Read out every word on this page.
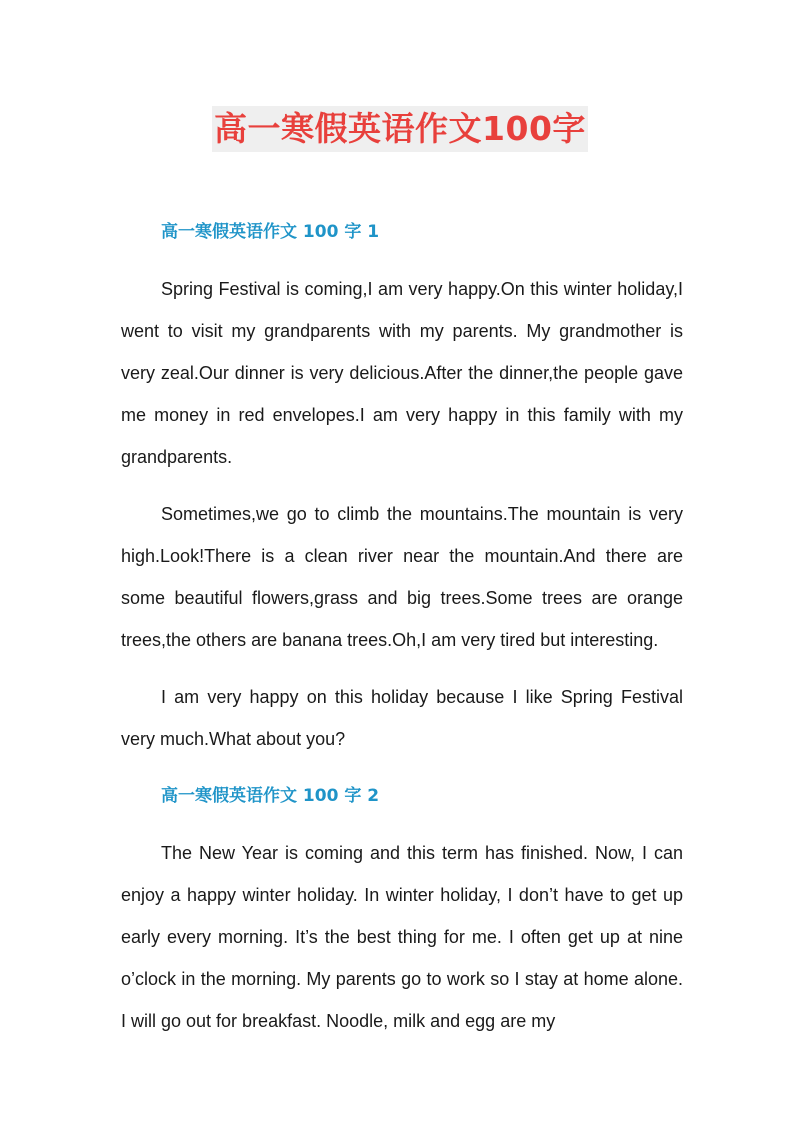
高一寒假英语作文100字
高一寒假英语作文 100 字 1

Spring Festival is coming,I am very happy.On this winter holiday,I went to visit my grandparents with my parents. My grandmother is very zeal.Our dinner is very delicious.After the dinner,the people gave me money in red envelopes.I am very happy in this family with my grandparents.

Sometimes,we go to climb the mountains.The mountain is very high.Look!There is a clean river near the mountain.And there are some beautiful flowers,grass and big trees.Some trees are orange trees,the others are banana trees.Oh,I am very tired but interesting.

I am very happy on this holiday because I like Spring Festival very much.What about you?

高一寒假英语作文 100 字 2

The New Year is coming and this term has finished. Now, I can enjoy a happy winter holiday. In winter holiday, I don’t have to get up early every morning. It’s the best thing for me. I often get up at nine o’clock in the morning. My parents go to work so I stay at home alone. I will go out for breakfast. Noodle, milk and egg are my
